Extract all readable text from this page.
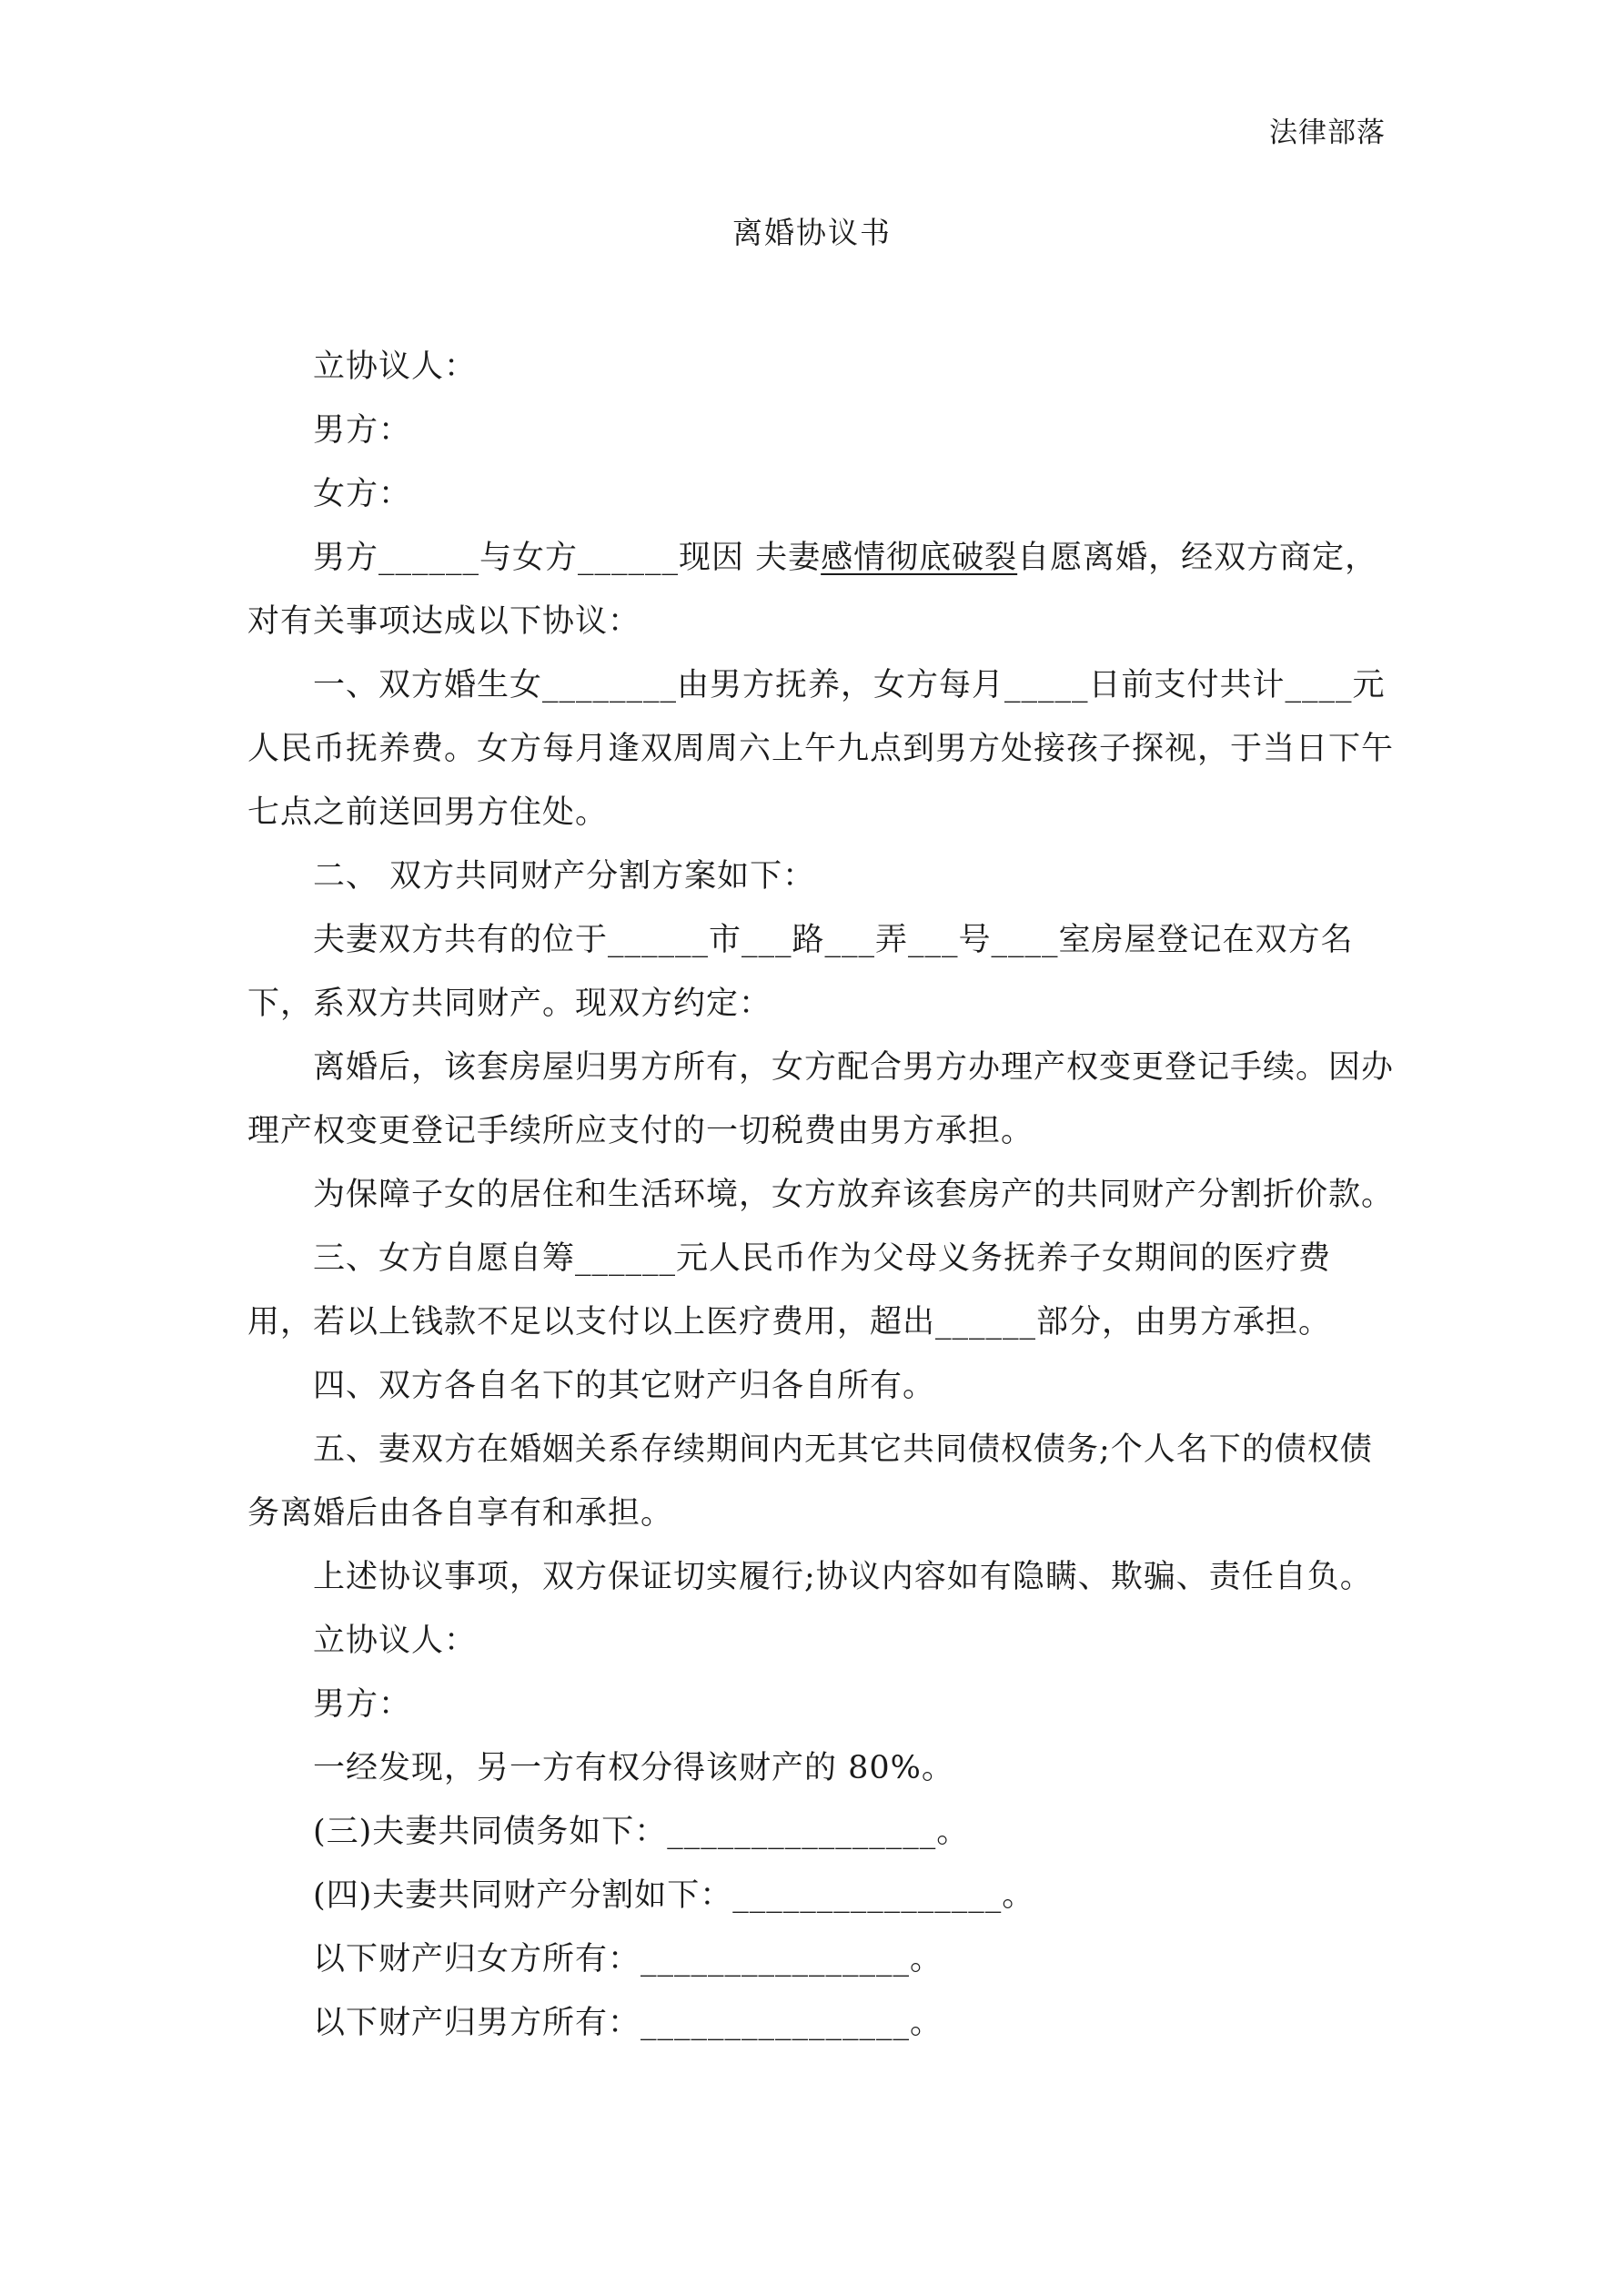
法律部落
离婚协议书

立协议人：

男方：

女方：

男方______与女方______现因 夫妻感情彻底破裂自愿离婚，经双方商定，对有关事项达成以下协议：

一、双方婚生女________由男方抚养，女方每月_____日前支付共计____元人民币抚养费。女方每月逢双周周六上午九点到男方处接孩子探视，于当日下午七点之前送回男方住处。

二、 双方共同财产分割方案如下：

夫妻双方共有的位于______市___路___弄___号____室房屋登记在双方名下，系双方共同财产。现双方约定：

离婚后，该套房屋归男方所有，女方配合男方办理产权变更登记手续。因办理产权变更登记手续所应支付的一切税费由男方承担。

为保障子女的居住和生活环境，女方放弃该套房产的共同财产分割折价款。

三、女方自愿自筹______元人民币作为父母义务抚养子女期间的医疗费用，若以上钱款不足以支付以上医疗费用，超出______部分，由男方承担。

四、双方各自名下的其它财产归各自所有。

五、妻双方在婚姻关系存续期间内无其它共同债权债务;个人名下的债权债务离婚后由各自享有和承担。

上述协议事项，双方保证切实履行;协议内容如有隐瞒、欺骗、责任自负。

立协议人：

男方：

一经发现，另一方有权分得该财产的 80%。

(三)夫妻共同债务如下：________________。

(四)夫妻共同财产分割如下：________________。

以下财产归女方所有：________________。

以下财产归男方所有：________________。
